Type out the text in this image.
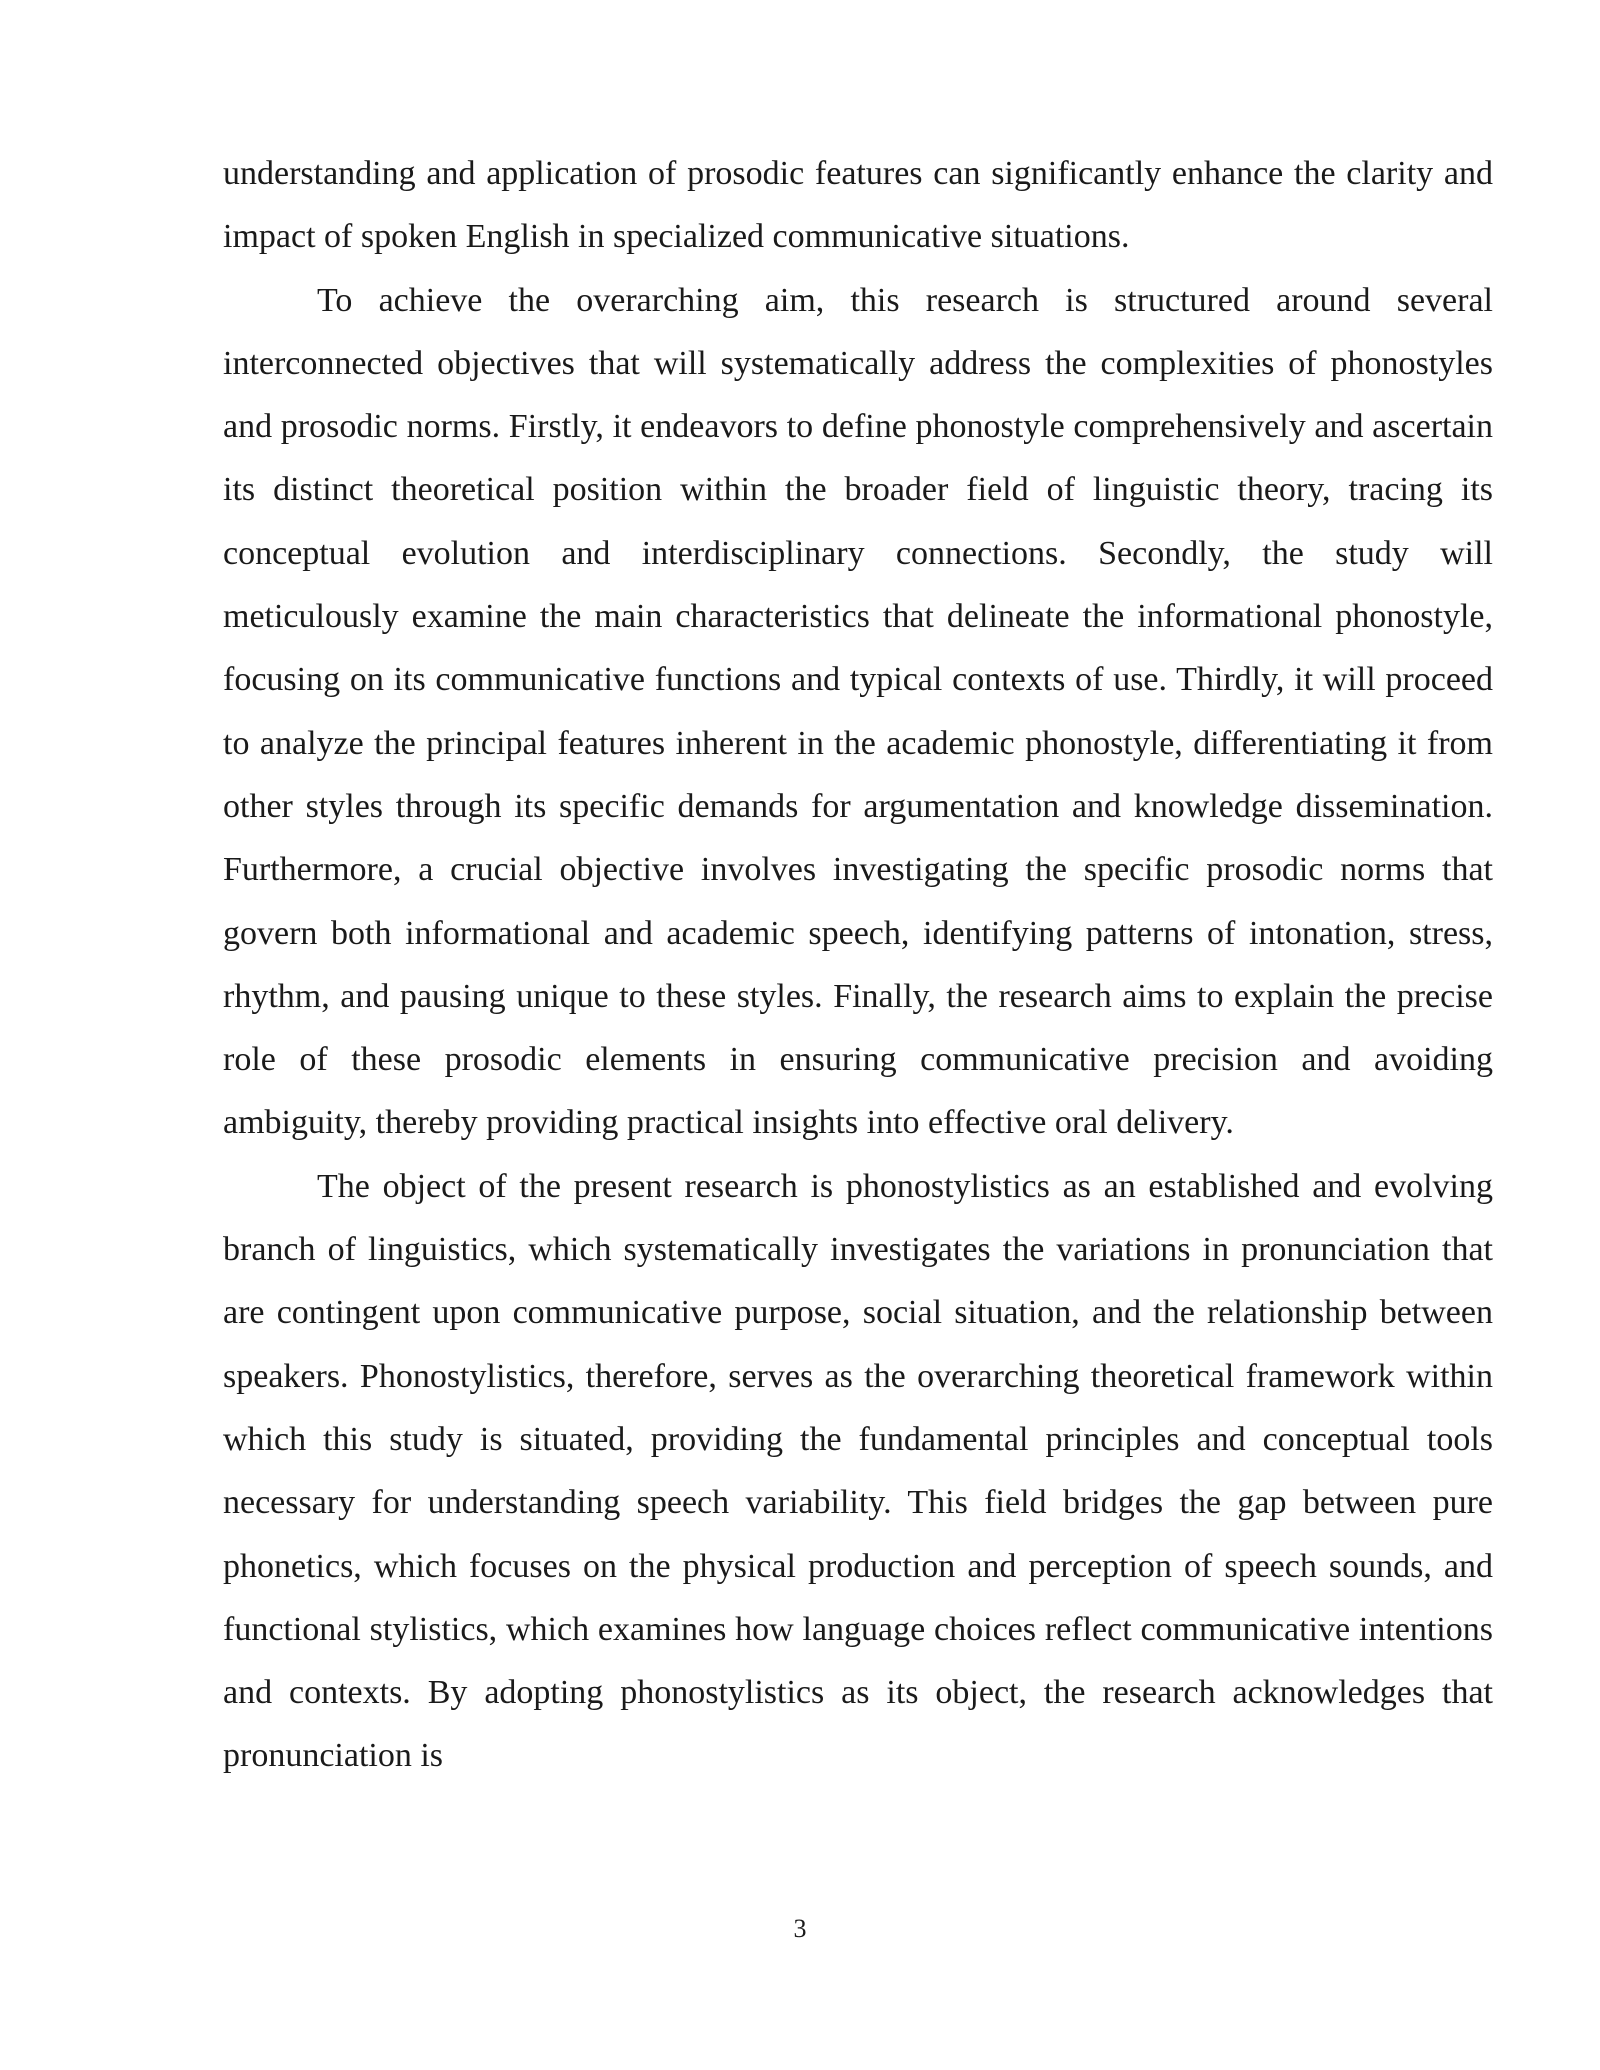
understanding and application of prosodic features can significantly enhance the clarity and impact of spoken English in specialized communicative situations.

To achieve the overarching aim, this research is structured around several interconnected objectives that will systematically address the complexities of phonostyles and prosodic norms. Firstly, it endeavors to define phonostyle comprehensively and ascertain its distinct theoretical position within the broader field of linguistic theory, tracing its conceptual evolution and interdisciplinary connections. Secondly, the study will meticulously examine the main characteristics that delineate the informational phonostyle, focusing on its communicative functions and typical contexts of use. Thirdly, it will proceed to analyze the principal features inherent in the academic phonostyle, differentiating it from other styles through its specific demands for argumentation and knowledge dissemination. Furthermore, a crucial objective involves investigating the specific prosodic norms that govern both informational and academic speech, identifying patterns of intonation, stress, rhythm, and pausing unique to these styles. Finally, the research aims to explain the precise role of these prosodic elements in ensuring communicative precision and avoiding ambiguity, thereby providing practical insights into effective oral delivery.

The object of the present research is phonostylistics as an established and evolving branch of linguistics, which systematically investigates the variations in pronunciation that are contingent upon communicative purpose, social situation, and the relationship between speakers. Phonostylistics, therefore, serves as the overarching theoretical framework within which this study is situated, providing the fundamental principles and conceptual tools necessary for understanding speech variability. This field bridges the gap between pure phonetics, which focuses on the physical production and perception of speech sounds, and functional stylistics, which examines how language choices reflect communicative intentions and contexts. By adopting phonostylistics as its object, the research acknowledges that pronunciation is

3
